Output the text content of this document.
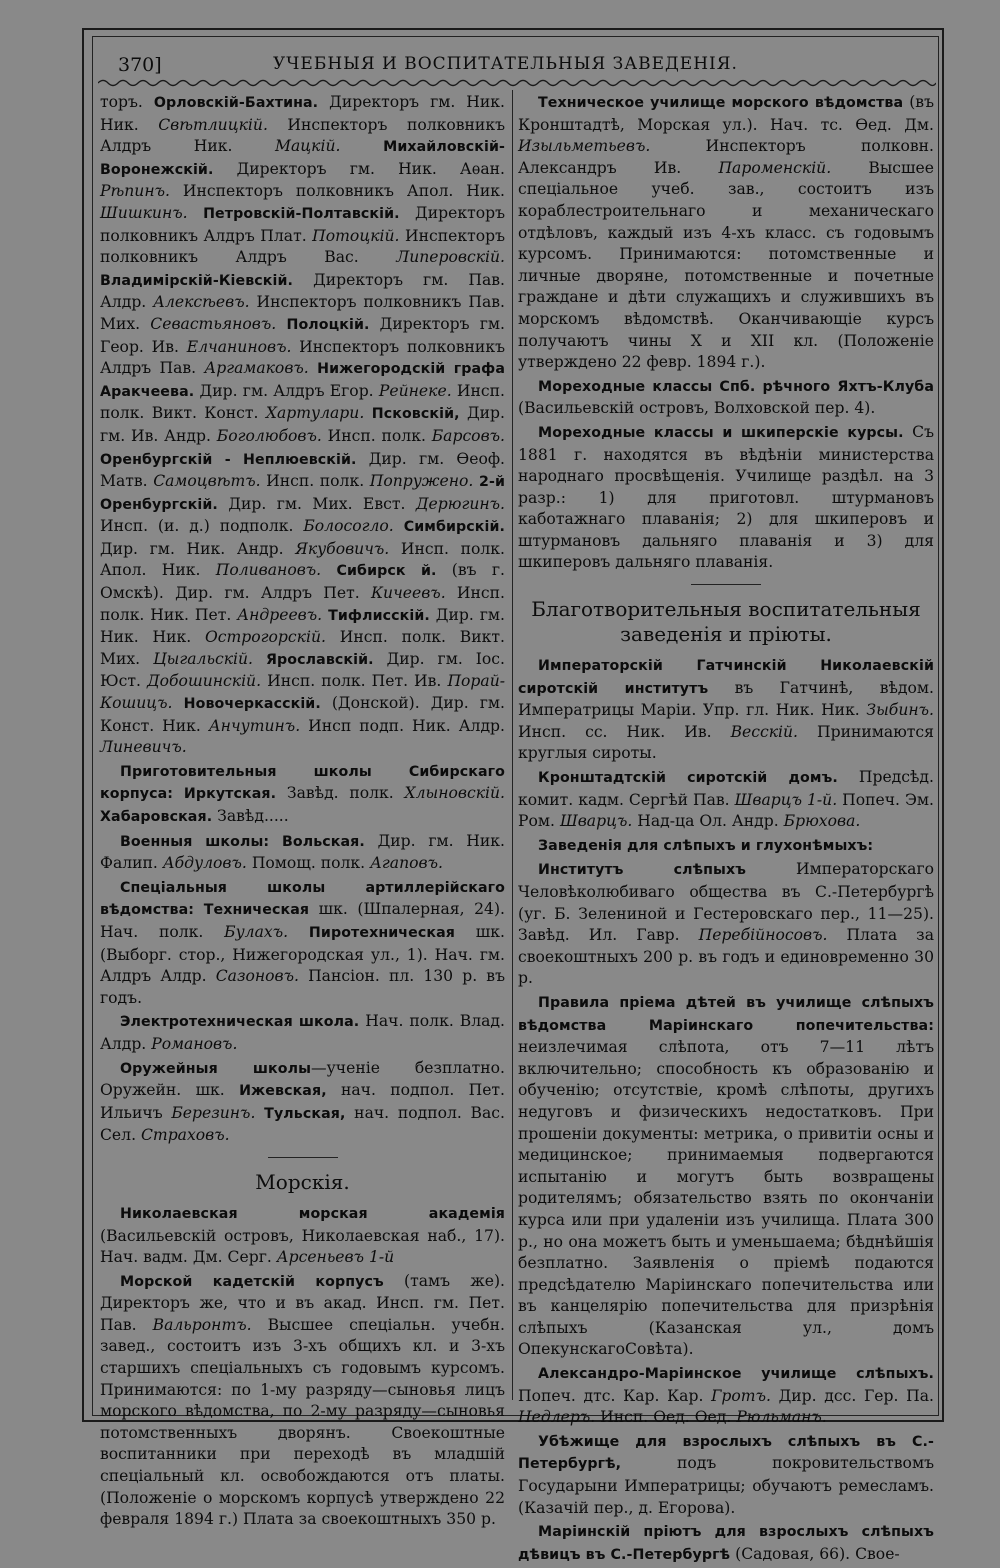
370]	УЧЕБНЫЯ И ВОСПИТАТЕЛЬНЫЯ ЗАВЕДЕНІЯ.

торъ. Орловскій-Бахтина. Директоръ гм. Ник. Ник. Свѣтлицкій. Инспекторъ полковникъ Алдръ Ник. Мацкій. Михайловскій-Воронежскій. Директоръ гм. Ник. Аѳан. Рѣпинъ. Инспекторъ полковникъ Апол. Ник. Шишкинъ. Петровскій-Полтавскій. Директоръ полковникъ Алдръ Плат. Потоцкій. Инспекторъ полковникъ Алдръ Вас. Липеровскій. Владимірскій-Кіевскій. Директоръ гм. Пав. Алдр. Алексѣевъ. Инспекторъ полковникъ Пав. Мих. Севастьяновъ. Полоцкій. Директоръ гм. Геор. Ив. Елчаниновъ. Инспекторъ полковникъ Алдръ Пав. Аргамаковъ. Нижегородскій графа Аракчеева. Дир. гм. Алдръ Егор. Рейнеке. Инсп. полк. Викт. Конст. Хартулари. Псковскій, Дир. гм. Ив. Андр. Боголюбовъ. Инсп. полк. Барсовъ. Оренбургскій - Неплюевскій. Дир. гм. Ѳеоф. Матв. Самоцвѣтъ. Инсп. полк. Попружено. 2-й Оренбургскій. Дир. гм. Мих. Евст. Дерюгинъ. Инсп. (и. д.) подполк. Болосогло. Симбирскій. Дир. гм. Ник. Андр. Якубовичъ. Инсп. полк. Апол. Ник. Поливановъ. Сибирск й. (въ г. Омскѣ). Дир. гм. Алдръ Пет. Кичеевъ. Инсп. полк. Ник. Пет. Андреевъ. Тифлисскій. Дир. гм. Ник. Ник. Острогорскій. Инсп. полк. Викт. Мих. Цыгальскій. Ярославскій. Дир. гм. Іос. Юст. Добошинскій. Инсп. полк. Пет. Ив. Порай-Кошицъ. Новочеркасскій. (Донской). Дир. гм. Конст. Ник. Анчутинъ. Инсп подп. Ник. Алдр. Линевичъ.

Приготовительныя школы Сибирскаго корпуса: Иркутская. Завѣд. полк. Хлыновскій. Хабаровская. Завѣд.....

Военныя школы: Вольская. Дир. гм. Ник. Фалип. Абдуловъ. Помощ. полк. Агаповъ.

Спеціальныя школы артиллерійскаго вѣдомства: Техническая шк. (Шпалерная, 24). Нач. полк. Булахъ. Пиротехническая шк. (Выборг. стор., Нижегородская ул., 1). Нач. гм. Алдръ Алдр. Сазоновъ. Пансіон. пл. 130 р. въ годъ.

Электротехническая школа. Нач. полк. Влад. Алдр. Романовъ.

Оружейныя школы—ученіе безплатно. Оружейн. шк. Ижевская, нач. подпол. Пет. Ильичъ Березинъ. Тульская, нач. подпол. Вас. Сел. Страховъ.

Морскія.

Николаевская морская академія (Васильевскій островъ, Николаевская наб., 17). Нач. вадм. Дм. Серг. Арсеньевъ 1-й

Морской кадетскій корпусъ (тамъ же). Директоръ же, что и въ акад. Инсп. гм. Пет. Пав. Вальронтъ. Высшее спеціальн. учебн. завед., состоитъ изъ 3-хъ общихъ кл. и 3-хъ старшихъ спеціальныхъ съ годовымъ курсомъ. Принимаются: по 1-му разряду—сыновья лицъ морского вѣдомства, по 2-му разряду—сыновья потомственныхъ дворянъ. Своекоштные воспитанники при переходѣ въ младшій спеціальный кл. освобождаются отъ платы. (Положеніе о морскомъ корпусѣ утверждено 22 февраля 1894 г.) Плата за своекоштныхъ 350 р.

Техническое училище морского вѣдомства (въ Кронштадтѣ, Морская ул.). Нач. тс. Ѳед. Дм. Изыльметьевъ. Инспекторъ полковн. Александръ Ив. Пароменскій. Высшее спеціальное учеб. зав., состоитъ изъ кораблестроительнаго и механическаго отдѣловъ, каждый изъ 4-хъ класс. съ годовымъ курсомъ. Принимаются: потомственные и личные дворяне, потомственные и почетные граждане и дѣти служащихъ и служившихъ въ морскомъ вѣдомствѣ. Оканчивающіе курсъ получаютъ чины X и XII кл. (Положеніе утверждено 22 февр. 1894 г.).

Мореходные классы Спб. рѣчного Яхтъ-Клуба (Васильевскій островъ, Волховской пер. 4).

Мореходные классы и шкиперскіе курсы. Съ 1881 г. находятся въ вѣдѣніи министерства народнаго просвѣщенія. Училище раздѣл. на 3 разр.: 1) для приготовл. штурмановъ каботажнаго плаванія; 2) для шкиперовъ и штурмановъ дальняго плаванія и 3) для шкиперовъ дальняго плаванія.

Благотворительныя воспитательныя заведенія и пріюты.

Императорскій Гатчинскій Николаевскій сиротскій институтъ въ Гатчинѣ, вѣдом. Императрицы Маріи. Упр. гл. Ник. Ник. Зыбинъ. Инсп. сс. Ник. Ив. Весскій. Принимаются круглыя сироты.

Кронштадтскій сиротскій домъ. Предсѣд. комит. кадм. Сергѣй Пав. Шварцъ 1-й. Попеч. Эм. Ром. Шварцъ. Над-ца Ол. Андр. Брюхова.

Заведенія для слѣпыхъ и глухонѣмыхъ:

Институтъ слѣпыхъ Императорскаго Человѣколюбиваго общества въ С.-Петербургѣ (уг. Б. Зелениной и Гестеровскаго пер., 11—25). Завѣд. Ил. Гавр. Перебійносовъ. Плата за своекоштныхъ 200 р. въ годъ и единовременно 30 р.

Правила пріема дѣтей въ училище слѣпыхъ вѣдомства Маріинскаго попечительства: неизлечимая слѣпота, отъ 7—11 лѣтъ включительно; способность къ образованію и обученію; отсутствіе, кромѣ слѣпоты, другихъ недуговъ и физическихъ недостатковъ. При прошеніи документы: метрика, о привитіи осны и медицинское; принимаемыя подвергаются испытанію и могутъ быть возвращены родителямъ; обязательство взять по окончаніи курса или при удаленіи изъ училища. Плата 300 р., но она можетъ быть и уменьшаема; бѣднѣйшія безплатно. Заявленія о пріемѣ подаются предсѣдателю Маріинскаго попечительства или въ канцелярію попечительства для призрѣнія слѣпыхъ (Казанская ул., домъ ОпекунскагоСовѣта).

Александро-Маріинское училище слѣпыхъ. Попеч. дтс. Кар. Кар. Гротъ. Дир. дсс. Гер. Па. Недлеръ. Инсп. Ѳед. Ѳед. Рюльманъ.

Убѣжище для взрослыхъ слѣпыхъ въ С.-Петербургѣ, подъ покровительствомъ Государыни Императрицы; обучаютъ ремесламъ. (Казачій пер., д. Егорова).

Маріинскій пріютъ для взрослыхъ слѣпыхъ дѣвицъ въ С.-Петербургѣ (Садовая, 66). Свое-
